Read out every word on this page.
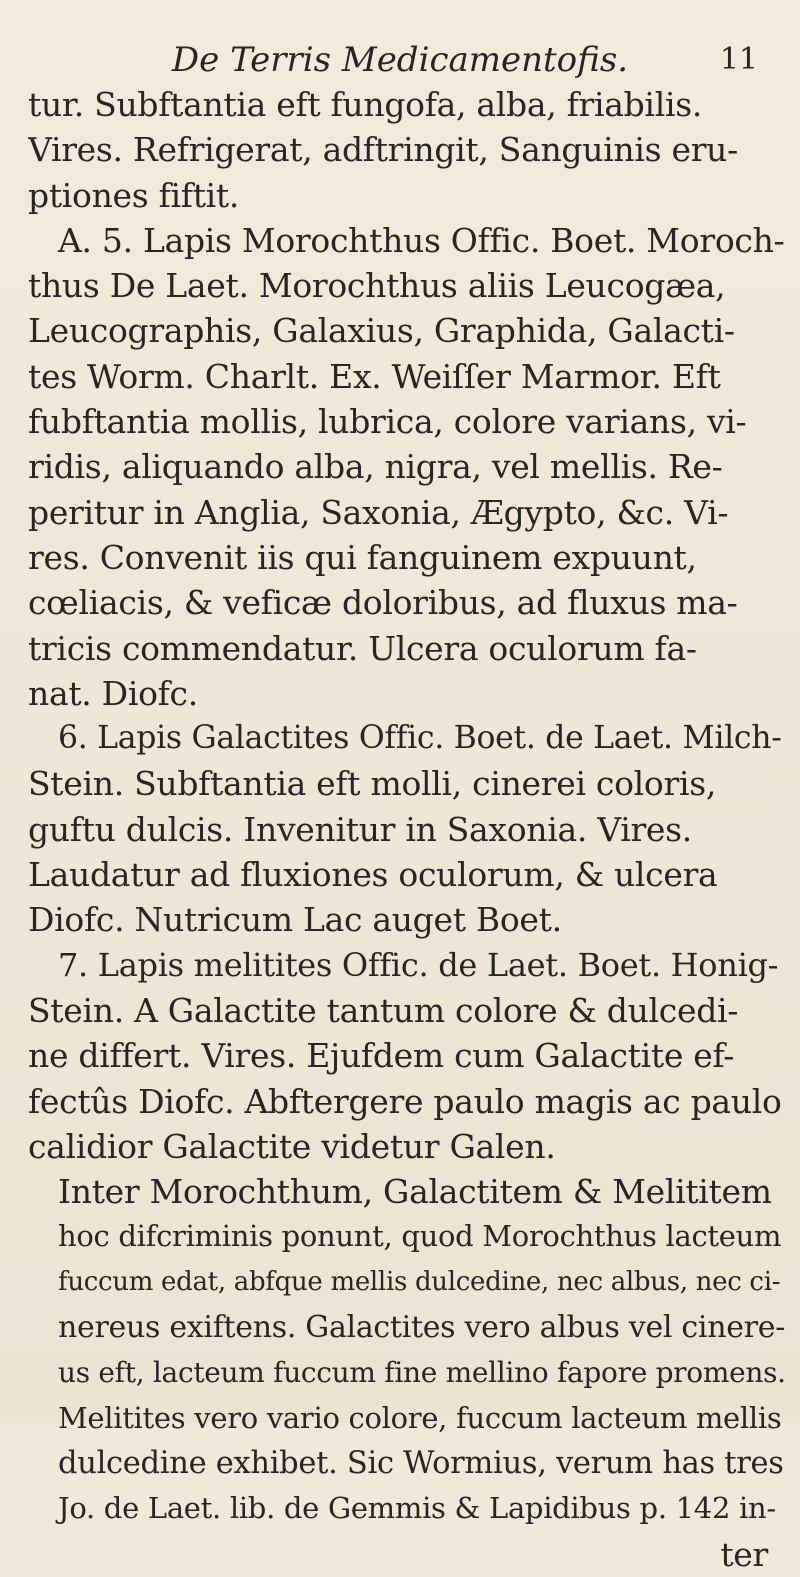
De Terris Medicamentofis.	11
tur. Subftantia eft fungofa, alba, friabilis.
Vires. Refrigerat, adftringit, Sanguinis eru-
ptiones fiftit.
A. 5. Lapis Morochthus Offic. Boet. Moroch-
thus De Laet. Morochthus aliis Leucogæa,
Leucographis, Galaxius, Graphida, Galacti-
tes Worm. Charlt. Ex. Weiſſer Marmor. Eft
fubftantia mollis, lubrica, colore varians, vi-
ridis, aliquando alba, nigra, vel mellis. Re-
peritur in Anglia, Saxonia, Ægypto, &c. Vi-
res. Convenit iis qui fanguinem expuunt,
cœliacis, & veficæ doloribus, ad fluxus ma-
tricis commendatur. Ulcera oculorum fa-
nat. Diofc.
6. Lapis Galactites Offic. Boet. de Laet. Milch-
Stein. Subftantia eft molli, cinerei coloris,
guftu dulcis. Invenitur in Saxonia. Vires.
Laudatur ad fluxiones oculorum, & ulcera
Diofc. Nutricum Lac auget Boet.
7. Lapis melitites Offic. de Laet. Boet. Honig-
Stein. A Galactite tantum colore & dulcedi-
ne differt. Vires. Ejufdem cum Galactite ef-
fectûs Diofc. Abftergere paulo magis ac paulo
calidior Galactite videtur Galen.
Inter Morochthum, Galactitem & Melititem
hoc difcriminis ponunt, quod Morochthus lacteum
fuccum edat, abfque mellis dulcedine, nec albus, nec ci-
nereus exiftens. Galactites vero albus vel cinere-
us eft, lacteum fuccum fine mellino fapore promens.
Melitites vero vario colore, fuccum lacteum mellis
dulcedine exhibet. Sic Wormius, verum has tres
Jo. de Laet. lib. de Gemmis & Lapidibus p. 142 in-
ter
